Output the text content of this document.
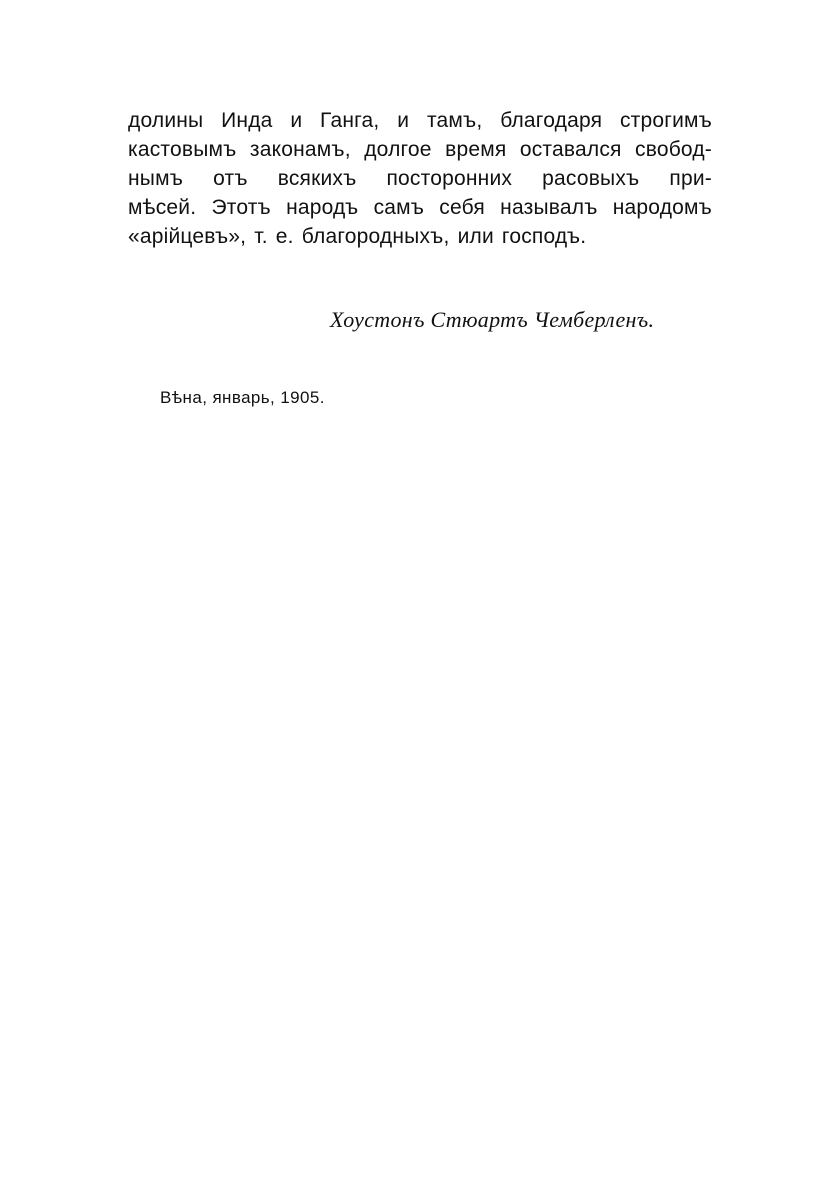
долины Инда и Ганга, и тамъ, благодаря строгимъ
кастовымъ законамъ, долгое время оставался свобод-
нымъ отъ всякихъ посторонних расовыхъ при-
мѣсей. Этотъ народъ самъ себя называлъ народомъ
«арійцевъ», т. е. благородныхъ, или господъ.
Хоустонъ Стюартъ Чемберленъ.
Вѣна, январь, 1905.
